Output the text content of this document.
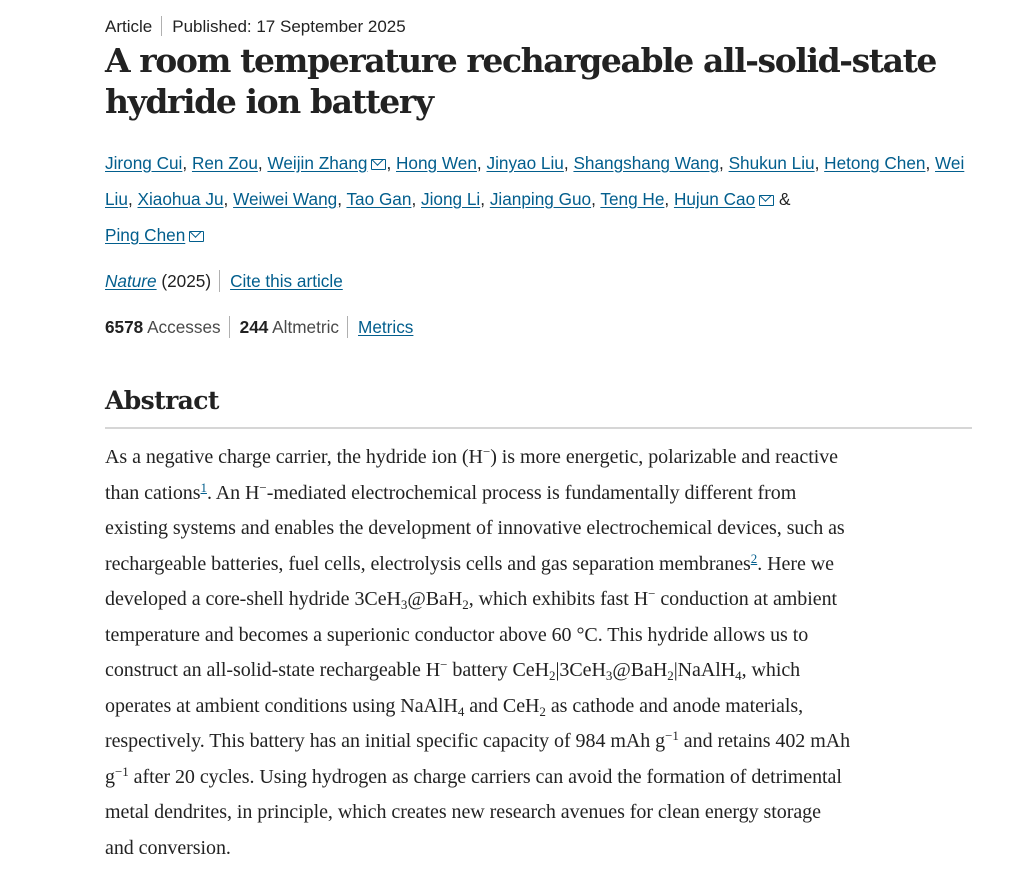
Article Published: 17 September 2025
A room temperature rechargeable all-solid-state hydride ion battery
Jirong Cui, Ren Zou, Weijin Zhang , Hong Wen, Jinyao Liu, Shangshang Wang, Shukun Liu, Hetong Chen, Wei Liu, Xiaohua Ju, Weiwei Wang, Tao Gan, Jiong Li, Jianping Guo, Teng He, Hujun Cao &
Ping Chen
Nature (2025) Cite this article
6578 Accesses 244 Altmetric Metrics
Abstract
As a negative charge carrier, the hydride ion (H−) is more energetic, polarizable and reactive
than cations$^1$. An H−-mediated electrochemical process is fundamentally different from
existing systems and enables the development of innovative electrochemical devices, such as
rechargeable batteries, fuel cells, electrolysis cells and gas separation membranes$^2$. Here we
developed a core-shell hydride 3CeH$_3$@BaH$_2$, which exhibits fast H− conduction at ambient
temperature and becomes a superionic conductor above 60 °C. This hydride allows us to
construct an all-solid-state rechargeable H− battery CeH$_2$|3CeH$_3$@BaH$_2$|NaAlH$_4$, which
operates at ambient conditions using NaAlH$_4$ and CeH$_2$ as cathode and anode materials,
respectively. This battery has an initial specific capacity of 984 mAh $g^{-1}$ and retains 402 mAh
$g^{-1}$ after 20 cycles. Using hydrogen as charge carriers can avoid the formation of detrimental
metal dendrites, in principle, which creates new research avenues for clean energy storage
and conversion.
